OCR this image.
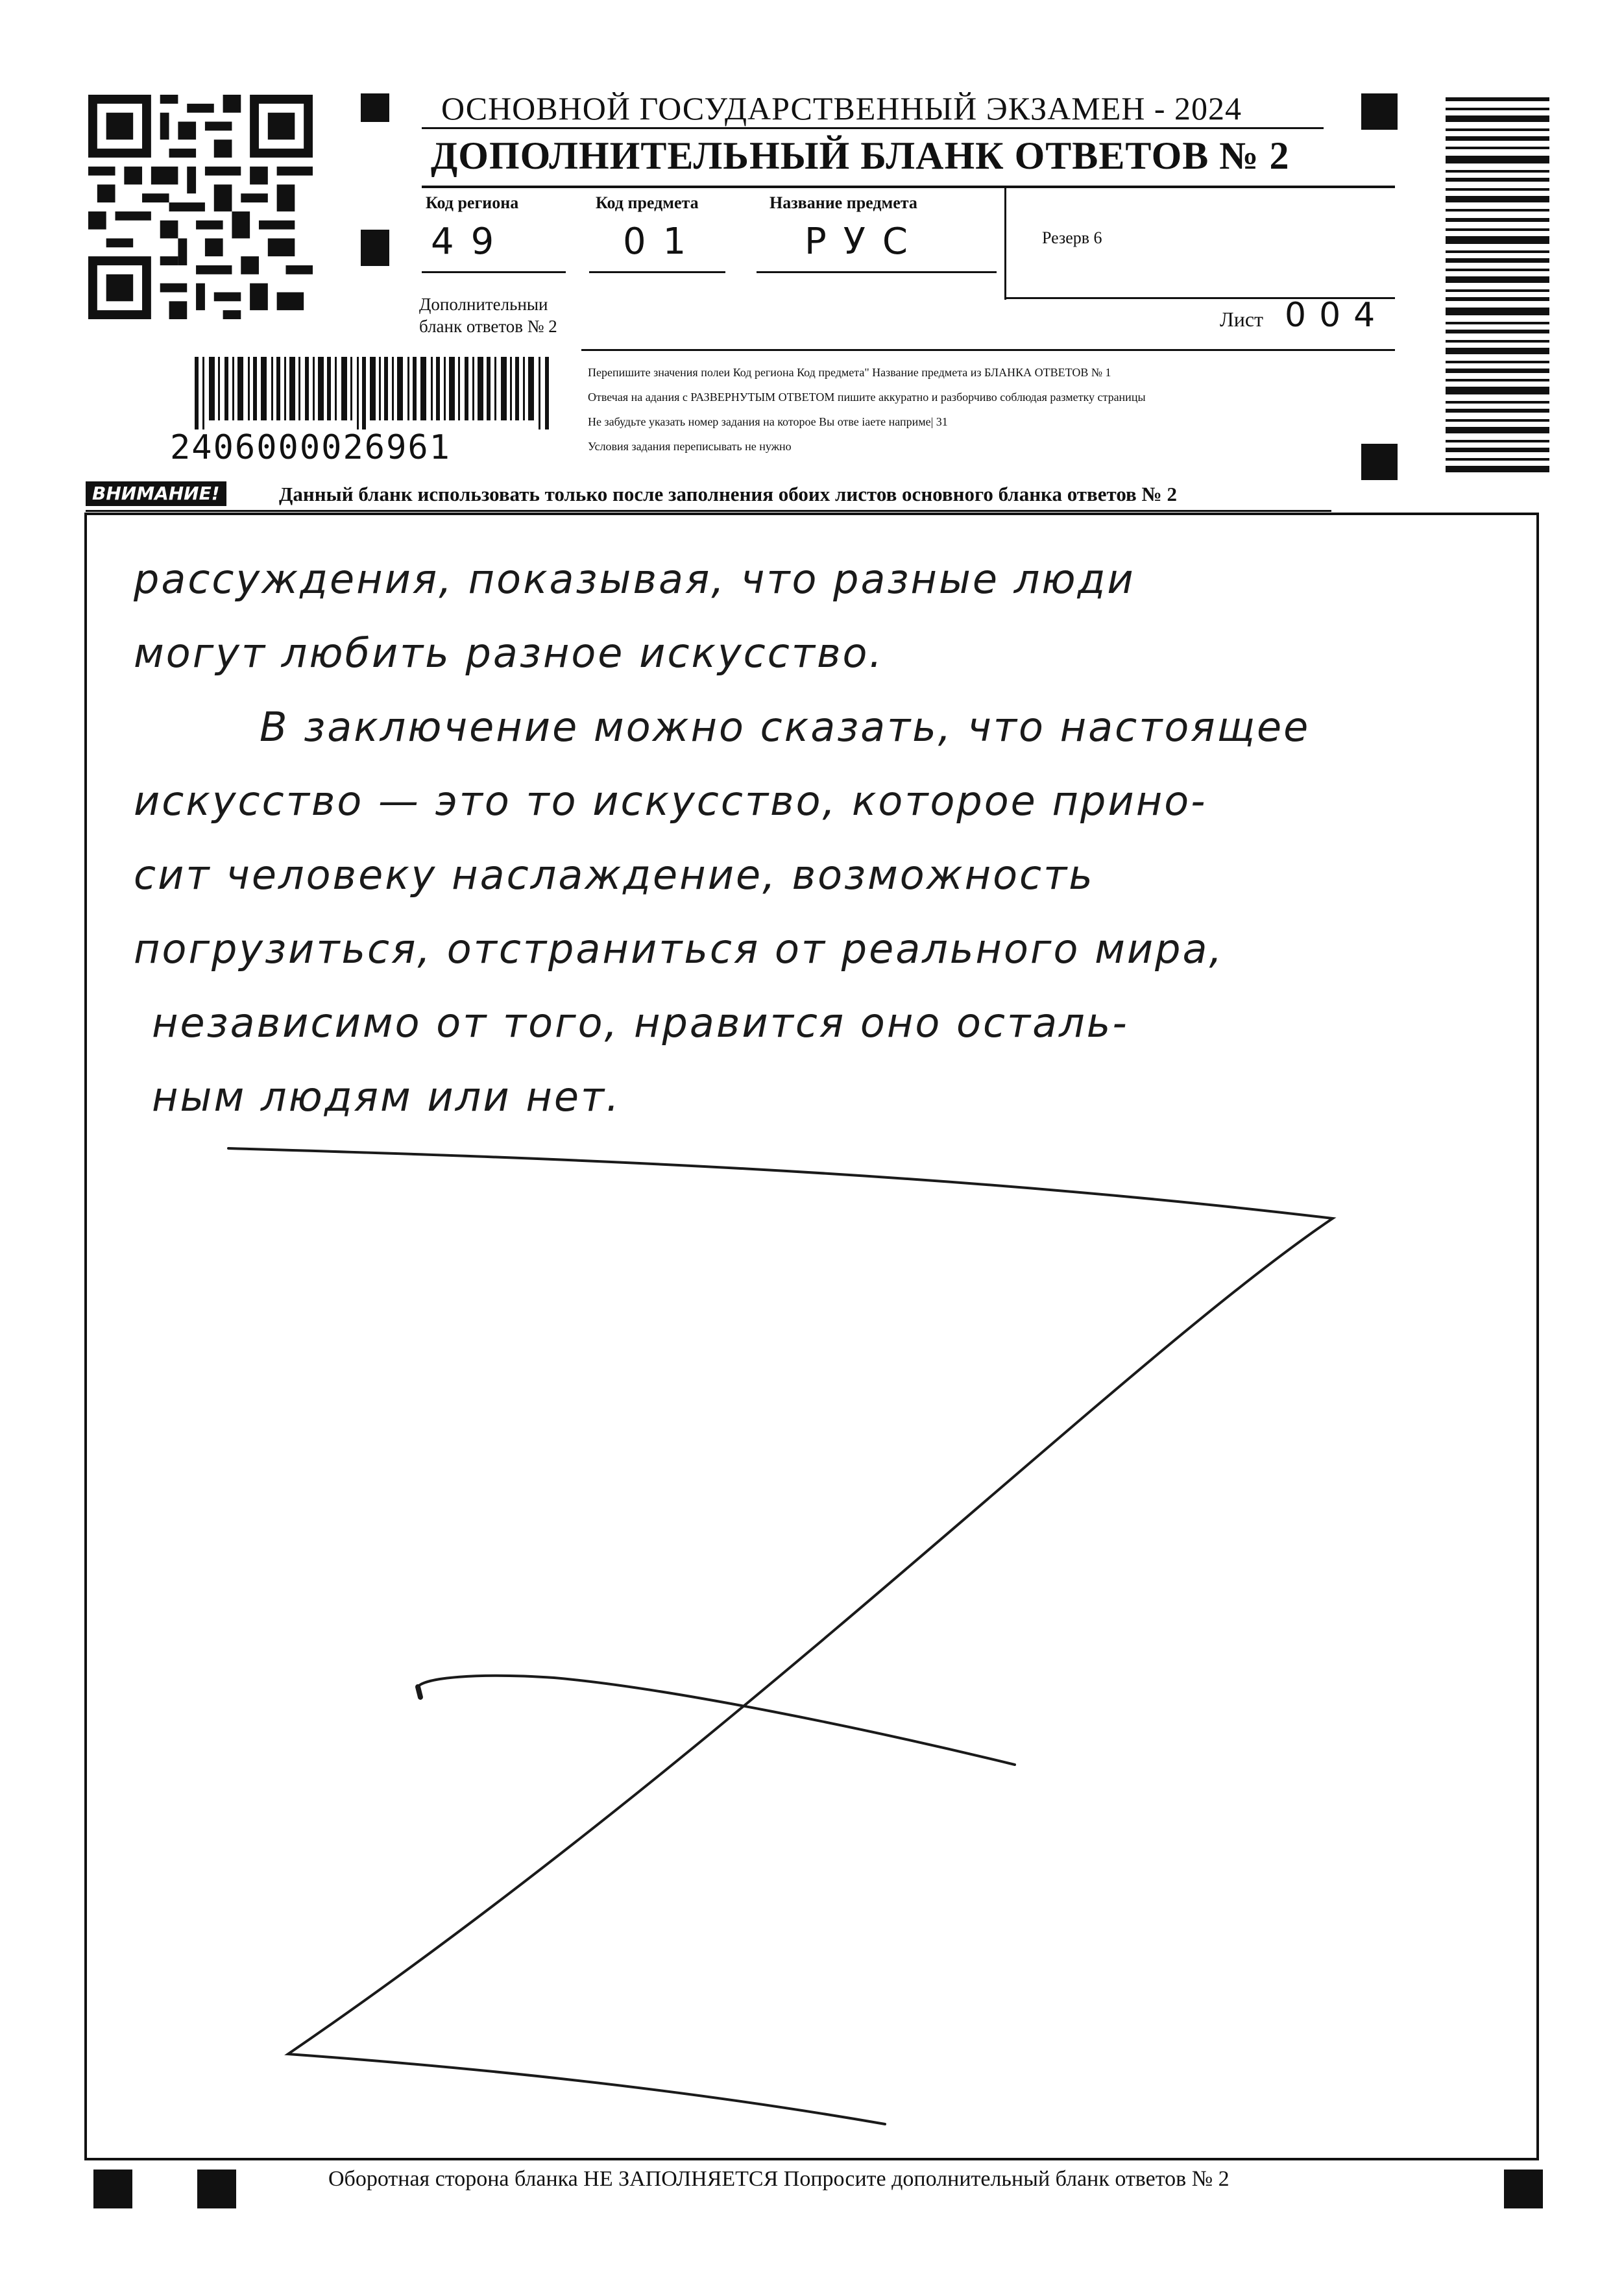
2406000026961
ОСНОВНОЙ ГОСУДАРСТВЕННЫЙ ЭКЗАМЕН - 2024
ДОПОЛНИТЕЛЬНЫЙ БЛАНК ОТВЕТОВ № 2
Код региона
49
Код предмета
01
Название предмета
РУС	Резерв 6
Дополнительныи
бланк ответов № 2	Лист 004
Перепишите значения полеи Код региона Код предмета" Название предмета из БЛАНКА ОТВЕТОВ № 1
Отвечая на адания с РАЗВЕРНУТЫМ ОТВЕТОМ пишите аккуратно и разборчиво соблюдая разметку страницы
Не забудьте указать номер задания на которое Вы отве іаете наприме| 31
Условия задания переписывать не нужно
ВНИМАНИЕ!	Данный бланк использовать только после заполнения обоих листов основного бланка ответов № 2
рассуждения, показывая, что разные люди
могут любить разное искусство.
В заключение можно сказать, что настоящее
искусство — это то искусство, которое прино-
сит человеку наслаждение, возможность
погрузиться, отстраниться от реального мира,
независимо от того, нравится оно осталь-
ным людям или нет.
Оборотная сторона бланка НЕ ЗАПОЛНЯЕТСЯ Попросите дополнительный бланк ответов № 2
